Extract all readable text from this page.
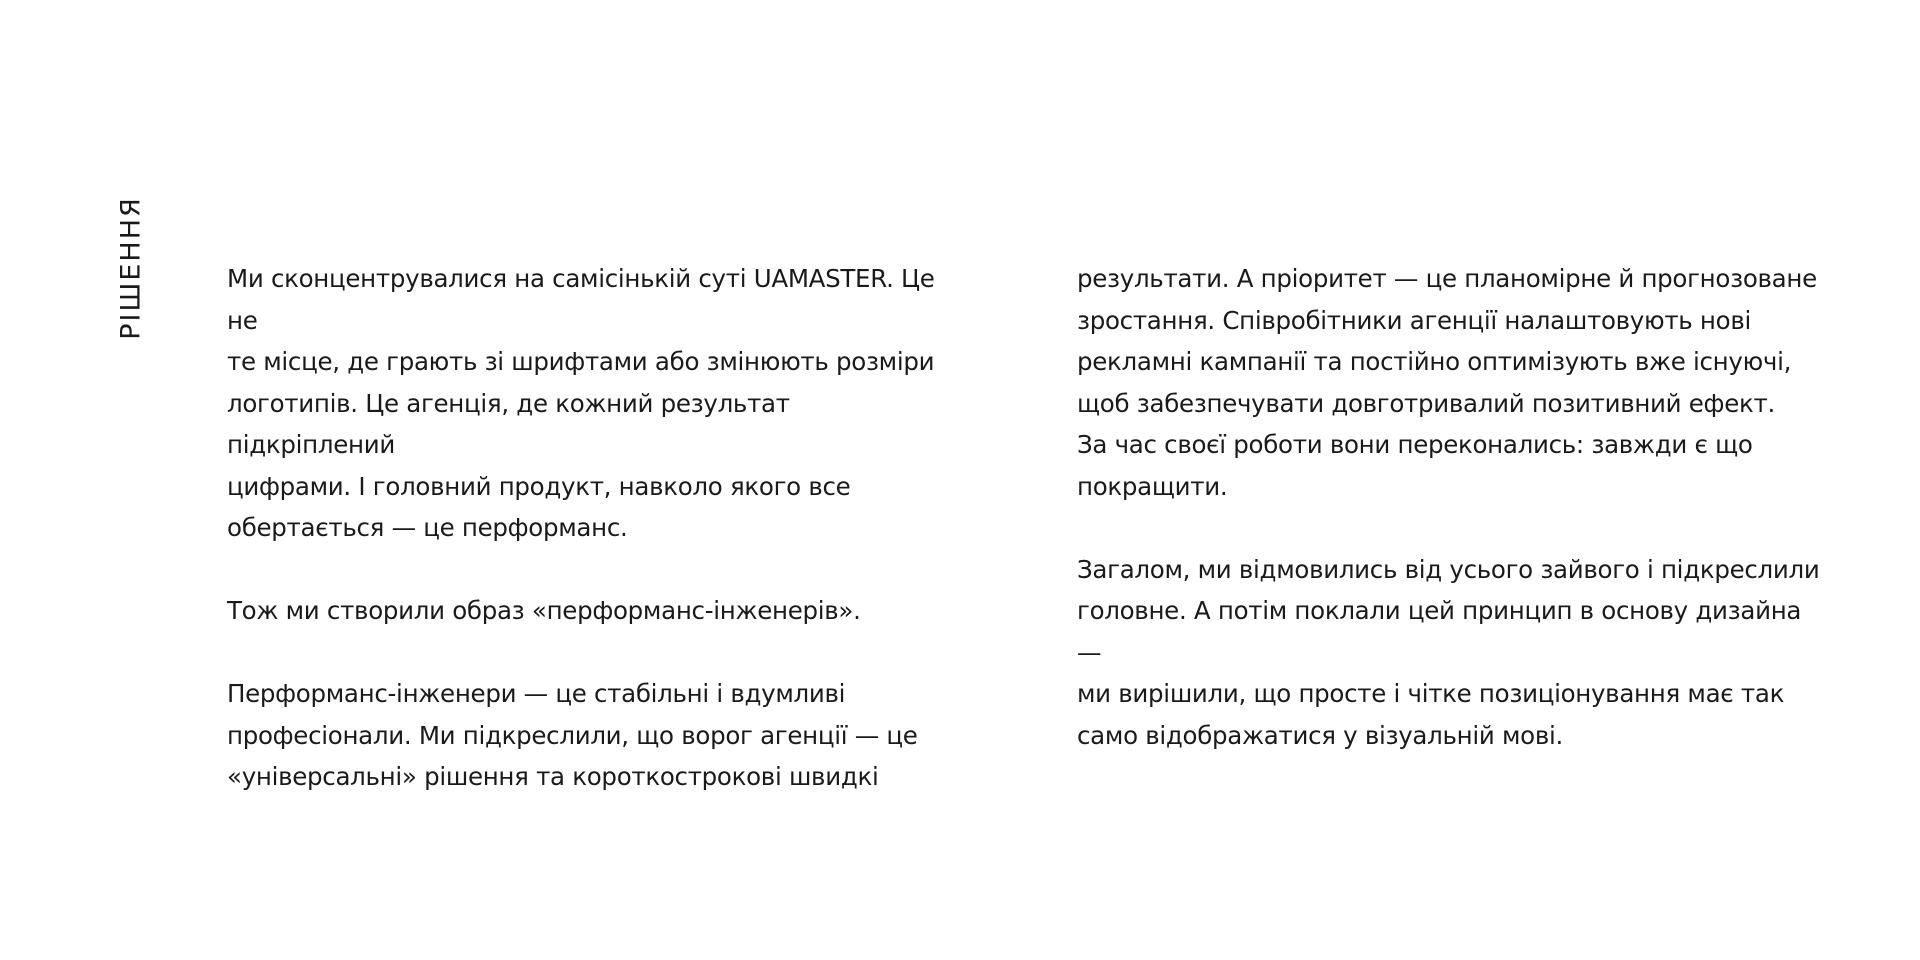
РІШЕННЯ	Ми сконцентрувалися на самісінькій суті UAMASTER. Це не
те місце, де грають зі шрифтами або змінюють розміри
логотипів. Це агенція, де кожний результат підкріплений
цифрами. І головний продукт, навколо якого все
обертається — це перформанс.

Тож ми створили образ «перформанс-інженерів».

Перформанс-інженери — це стабільні і вдумливі
професіонали. Ми підкреслили, що ворог агенції — це
«універсальні» рішення та короткострокові швидкі

результати. А пріоритет — це планомірне й прогнозоване
зростання. Співробітники агенції налаштовують нові
рекламні кампанії та постійно оптимізують вже існуючі,
щоб забезпечувати довготривалий позитивний ефект.
За час своєї роботи вони переконались: завжди є що
покращити.

Загалом, ми відмовились від усього зайвого і підкреслили
головне. А потім поклали цей принцип в основу дизайна —
ми вирішили, що просте і чітке позиціонування має так
само відображатися у візуальній мові.
